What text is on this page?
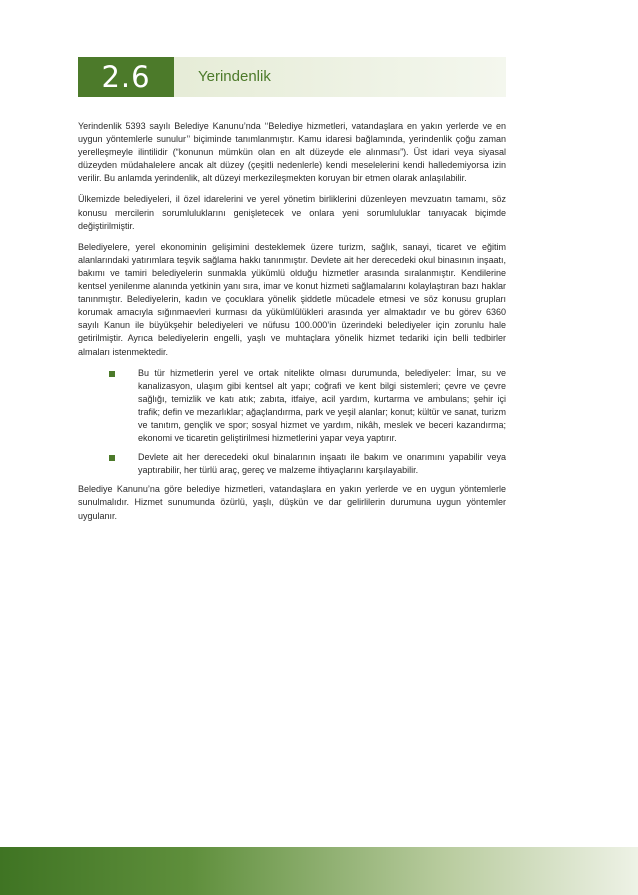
2.6	Yerindenlik

Yerindenlik 5393 sayılı Belediye Kanunu’nda ‘‘Belediye hizmetleri, vatandaşlara en yakın yerlerde ve en uygun yöntemlerle sunulur’’ biçiminde tanımlanmıştır. Kamu idaresi bağlamında, yerindenlik çoğu zaman yerelleşmeyle ilintilidir (“konunun mümkün olan en alt düzeyde ele alınması”). Üst idari veya siyasal düzeyden müdahalelere ancak alt düzey (çeşitli nedenlerle) kendi meselelerini kendi halledemiyorsa izin verilir. Bu anlamda yerindenlik, alt düzeyi merkezileşmekten koruyan bir etmen olarak anlaşılabilir.

Ülkemizde belediyeleri, il özel idarelerini ve yerel yönetim birliklerini düzenleyen mevzuatın tamamı, söz konusu mercilerin sorumluluklarını genişletecek ve onlara yeni sorumluluklar tanıyacak biçimde değiştirilmiştir.

Belediyelere, yerel ekonominin gelişimini desteklemek üzere turizm, sağlık, sanayi, ticaret ve eğitim alanlarındaki yatırımlara teşvik sağlama hakkı tanınmıştır. Devlete ait her derecedeki okul binasının inşaatı, bakımı ve tamiri belediyelerin sunmakla yükümlü olduğu hizmetler arasında sıralanmıştır. Kendilerine kentsel yenilenme alanında yetkinin yanı sıra, imar ve konut hizmeti sağlamalarını kolaylaştıran bazı haklar tanınmıştır. Belediyelerin, kadın ve çocuklara yönelik şiddetle mücadele etmesi ve söz konusu grupları korumak amacıyla sığınmaevleri kurması da yükümlülükleri arasında yer almaktadır ve bu görev 6360 sayılı Kanun ile büyükşehir belediyeleri ve nüfusu 100.000’in üzerindeki belediyeler için zorunlu hale getirilmiştir. Ayrıca belediyelerin engelli, yaşlı ve muhtaçlara yönelik hizmet tedariki için belli tedbirler almaları istenmektedir.

Bu tür hizmetlerin yerel ve ortak nitelikte olması durumunda, belediyeler: İmar, su ve kanalizasyon, ulaşım gibi kentsel alt yapı; coğrafi ve kent bilgi sistemleri; çevre ve çevre sağlığı, temizlik ve katı atık; zabıta, itfaiye, acil yardım, kurtarma ve ambulans; şehir içi trafik; defin ve mezarlıklar; ağaçlandırma, park ve yeşil alanlar; konut; kültür ve sanat, turizm ve tanıtım, gençlik ve spor; sosyal hizmet ve yardım, nikâh, meslek ve beceri kazandırma; ekonomi ve ticaretin geliştirilmesi hizmetlerini yapar veya yaptırır.
Devlete ait her derecedeki okul binalarının inşaatı ile bakım ve onarımını yapabilir veya yaptırabilir, her türlü araç, gereç ve malzeme ihtiyaçlarını karşılayabilir.

Belediye Kanunu’na göre belediye hizmetleri, vatandaşlara en yakın yerlerde ve en uygun yöntemlerle sunulmalıdır. Hizmet sunumunda özürlü, yaşlı, düşkün ve dar gelirlilerin durumuna uygun yöntemler uygulanır.
